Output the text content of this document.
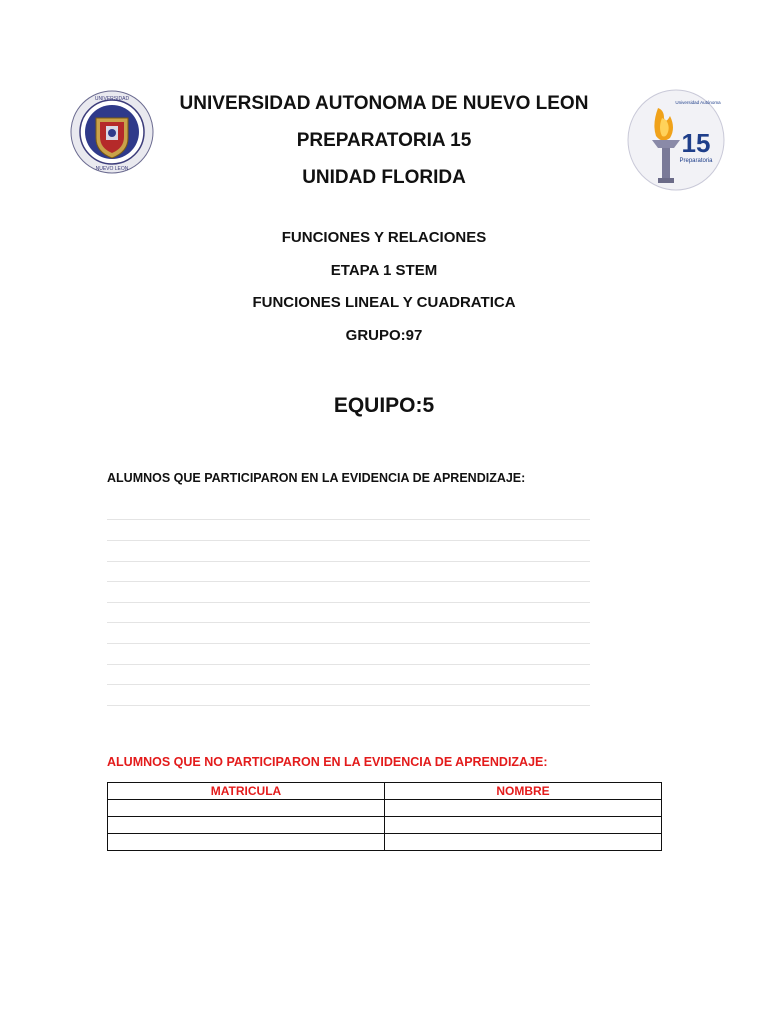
UNIVERSIDAD
NUEVO LEON
15
Preparatoria
Universidad Autónoma
UNIVERSIDAD AUTONOMA DE NUEVO LEON
PREPARATORIA 15
UNIDAD FLORIDA
FUNCIONES Y RELACIONES
ETAPA 1 STEM
FUNCIONES LINEAL Y CUADRATICA
GRUPO:97
EQUIPO:5
ALUMNOS QUE PARTICIPARON EN LA EVIDENCIA DE APRENDIZAJE:
ALUMNOS QUE NO PARTICIPARON EN LA EVIDENCIA DE APRENDIZAJE:
MATRICULA	NOMBRE
